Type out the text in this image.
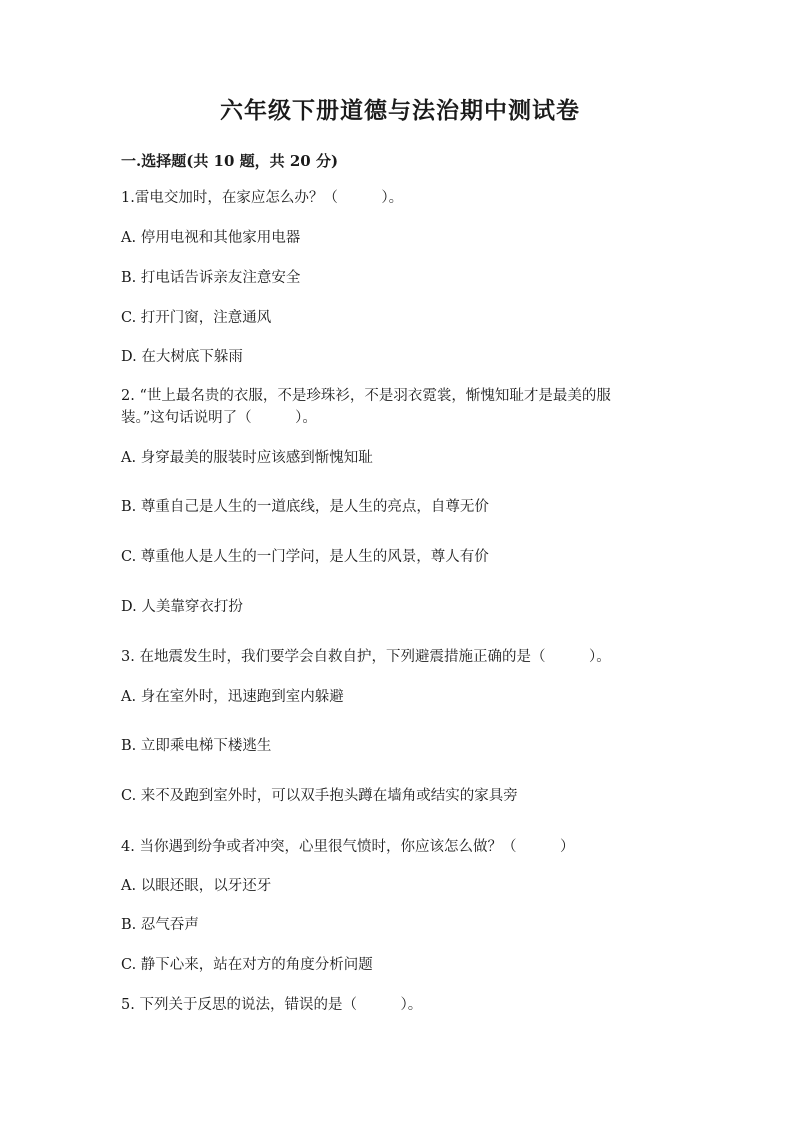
六年级下册道德与法治期中测试卷
一.选择题(共 10 题，共 20 分)
1.雷电交加时，在家应怎么办？（　　　）。
A. 停用电视和其他家用电器
B. 打电话告诉亲友注意安全
C. 打开门窗，注意通风
D. 在大树底下躲雨
2. “世上最名贵的衣服，不是珍珠衫，不是羽衣霓裳，惭愧知耻才是最美的服
装。”这句话说明了（　　　）。
A. 身穿最美的服装时应该感到惭愧知耻
B. 尊重自己是人生的一道底线，是人生的亮点，自尊无价
C. 尊重他人是人生的一门学问，是人生的风景，尊人有价
D. 人美靠穿衣打扮
3. 在地震发生时，我们要学会自救自护，下列避震措施正确的是（　　　）。
A. 身在室外时，迅速跑到室内躲避
B. 立即乘电梯下楼逃生
C. 来不及跑到室外时，可以双手抱头蹲在墙角或结实的家具旁
4. 当你遇到纷争或者冲突，心里很气愤时，你应该怎么做？（　　　）
A. 以眼还眼，以牙还牙
B. 忍气吞声
C. 静下心来，站在对方的角度分析问题
5. 下列关于反思的说法，错误的是（　　　）。
